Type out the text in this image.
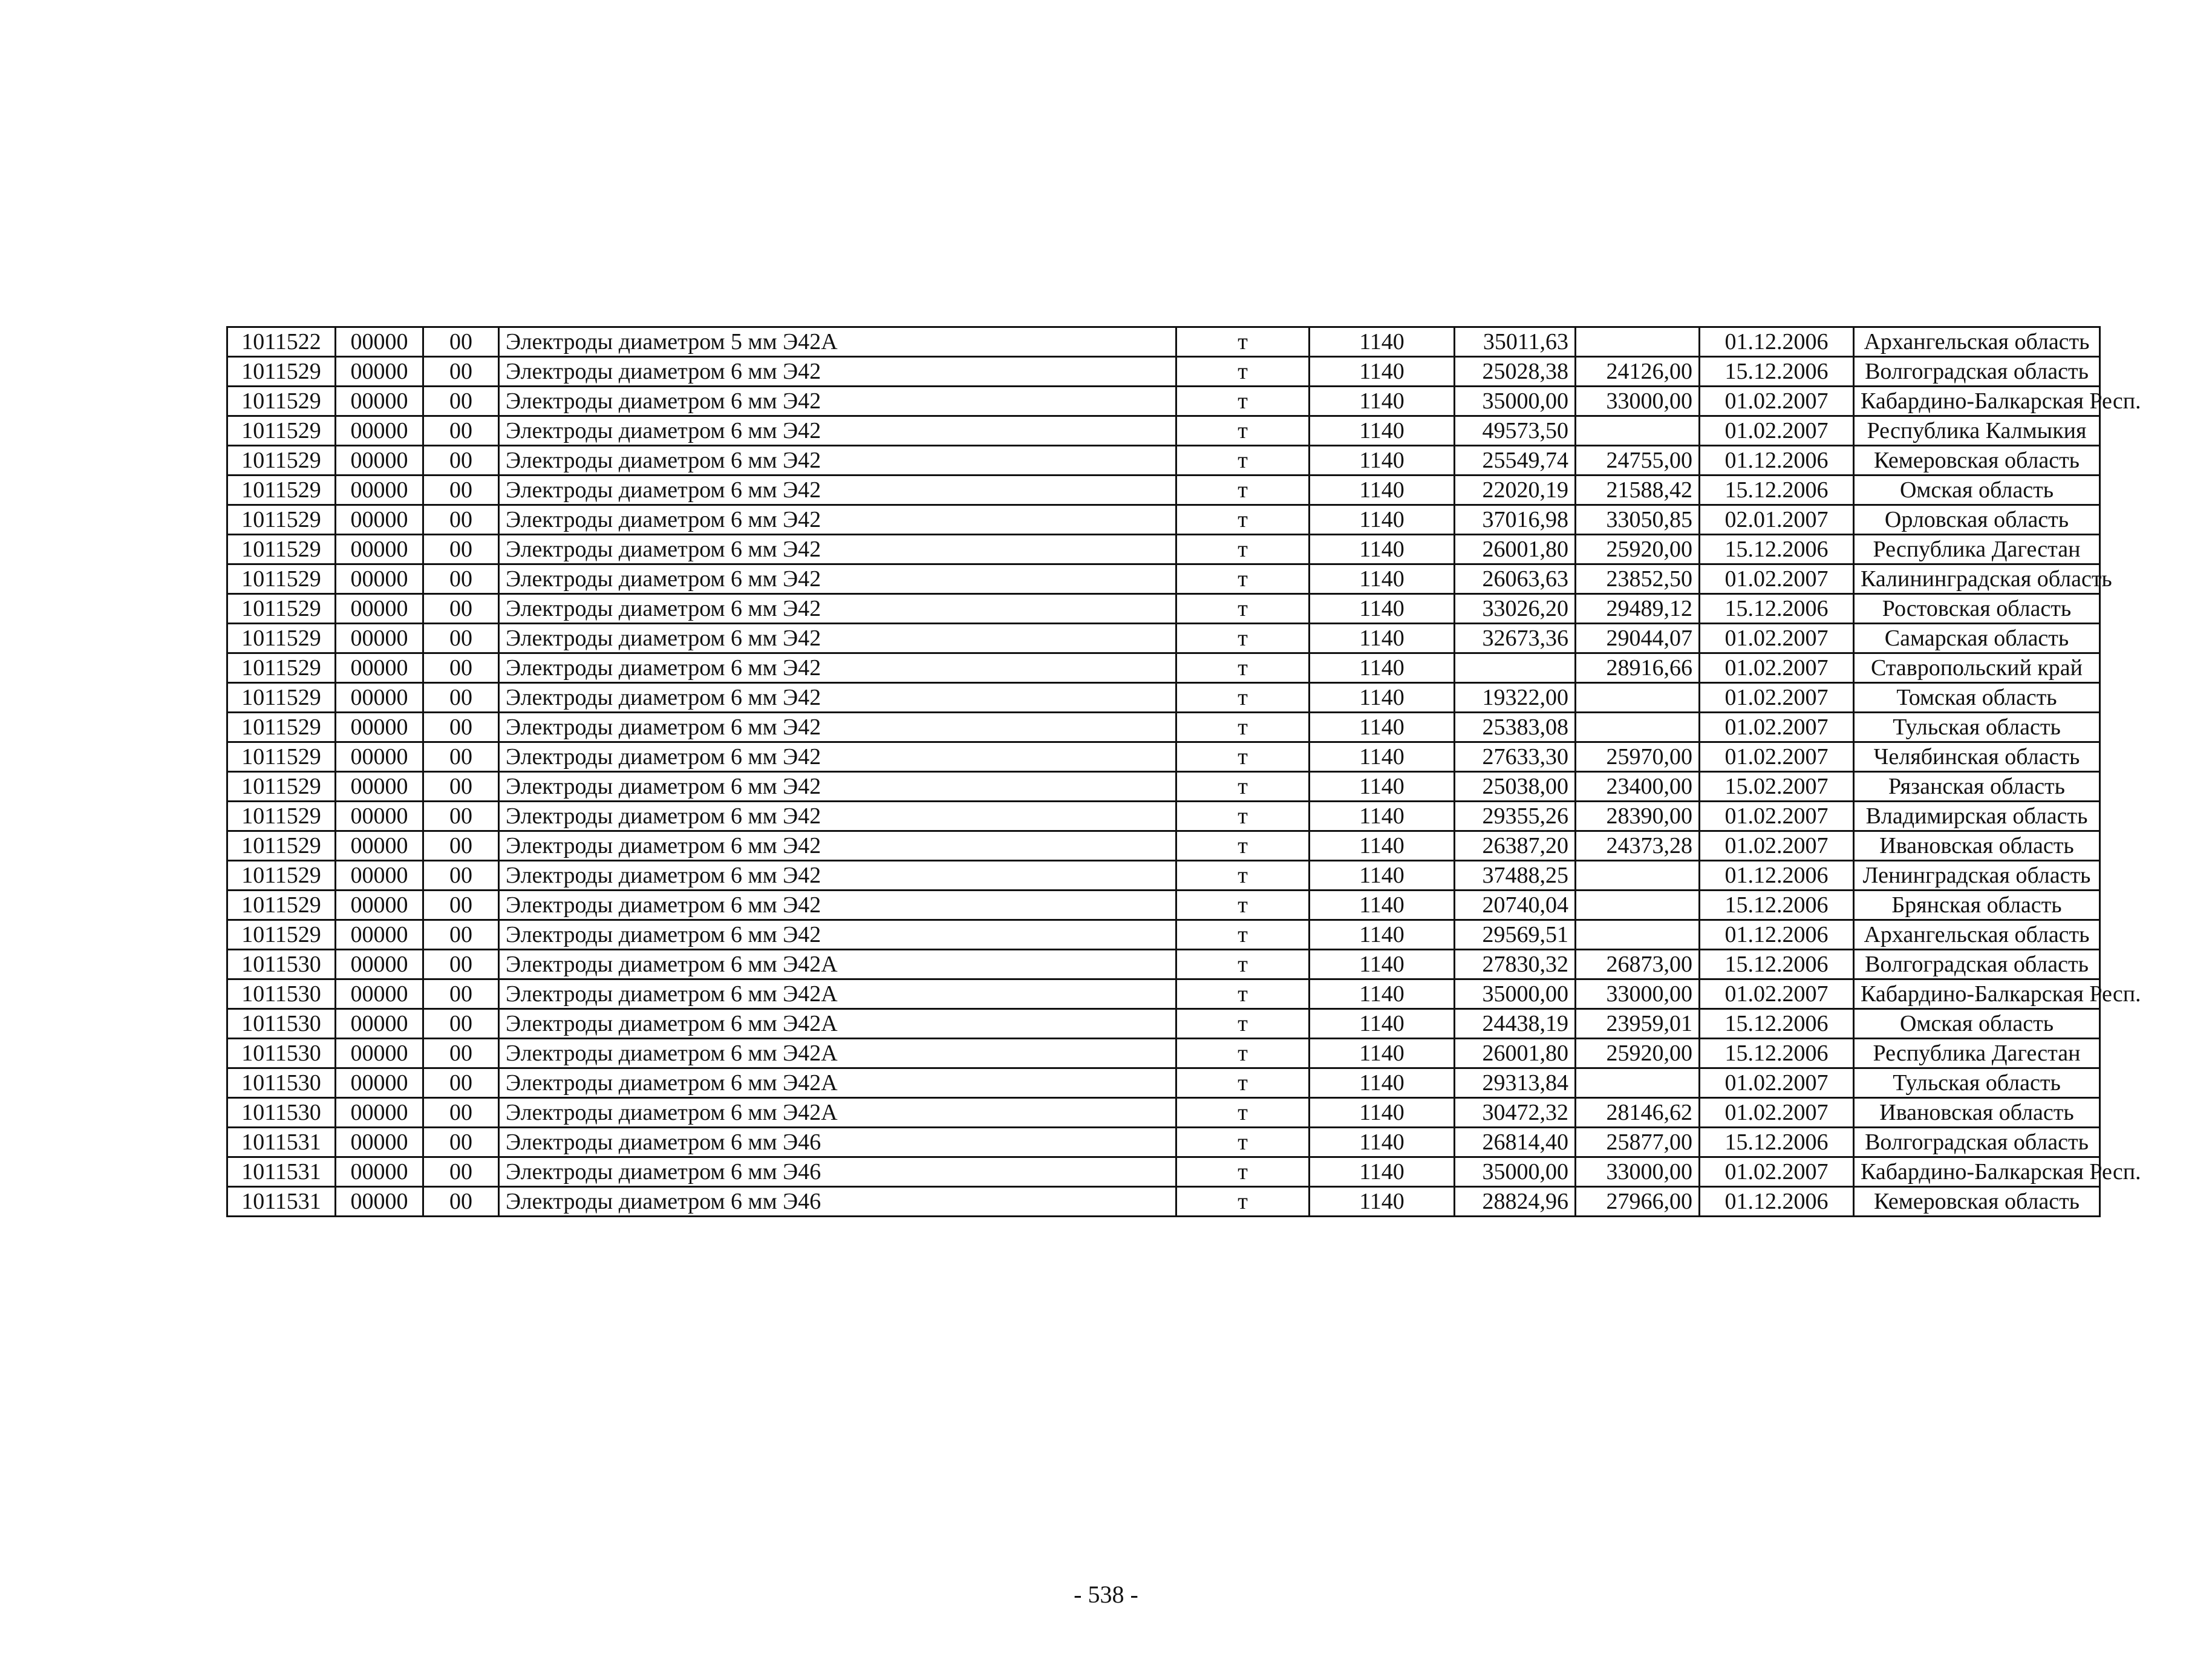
1011522	00000	00	Электроды диаметром 5 мм Э42А	т	1140	35011,63		01.12.2006	Архангельская область
1011529	00000	00	Электроды диаметром 6 мм Э42	т	1140	25028,38	24126,00	15.12.2006	Волгоградская область
1011529	00000	00	Электроды диаметром 6 мм Э42	т	1140	35000,00	33000,00	01.02.2007	Кабардино-Балкарская Респ.
1011529	00000	00	Электроды диаметром 6 мм Э42	т	1140	49573,50		01.02.2007	Республика Калмыкия
1011529	00000	00	Электроды диаметром 6 мм Э42	т	1140	25549,74	24755,00	01.12.2006	Кемеровская область
1011529	00000	00	Электроды диаметром 6 мм Э42	т	1140	22020,19	21588,42	15.12.2006	Омская область
1011529	00000	00	Электроды диаметром 6 мм Э42	т	1140	37016,98	33050,85	02.01.2007	Орловская область
1011529	00000	00	Электроды диаметром 6 мм Э42	т	1140	26001,80	25920,00	15.12.2006	Республика Дагестан
1011529	00000	00	Электроды диаметром 6 мм Э42	т	1140	26063,63	23852,50	01.02.2007	Калининградская область
1011529	00000	00	Электроды диаметром 6 мм Э42	т	1140	33026,20	29489,12	15.12.2006	Ростовская область
1011529	00000	00	Электроды диаметром 6 мм Э42	т	1140	32673,36	29044,07	01.02.2007	Самарская область
1011529	00000	00	Электроды диаметром 6 мм Э42	т	1140		28916,66	01.02.2007	Ставропольский край
1011529	00000	00	Электроды диаметром 6 мм Э42	т	1140	19322,00		01.02.2007	Томская область
1011529	00000	00	Электроды диаметром 6 мм Э42	т	1140	25383,08		01.02.2007	Тульская область
1011529	00000	00	Электроды диаметром 6 мм Э42	т	1140	27633,30	25970,00	01.02.2007	Челябинская область
1011529	00000	00	Электроды диаметром 6 мм Э42	т	1140	25038,00	23400,00	15.02.2007	Рязанская область
1011529	00000	00	Электроды диаметром 6 мм Э42	т	1140	29355,26	28390,00	01.02.2007	Владимирская область
1011529	00000	00	Электроды диаметром 6 мм Э42	т	1140	26387,20	24373,28	01.02.2007	Ивановская область
1011529	00000	00	Электроды диаметром 6 мм Э42	т	1140	37488,25		01.12.2006	Ленинградская область
1011529	00000	00	Электроды диаметром 6 мм Э42	т	1140	20740,04		15.12.2006	Брянская область
1011529	00000	00	Электроды диаметром 6 мм Э42	т	1140	29569,51		01.12.2006	Архангельская область
1011530	00000	00	Электроды диаметром 6 мм Э42А	т	1140	27830,32	26873,00	15.12.2006	Волгоградская область
1011530	00000	00	Электроды диаметром 6 мм Э42А	т	1140	35000,00	33000,00	01.02.2007	Кабардино-Балкарская Респ.
1011530	00000	00	Электроды диаметром 6 мм Э42А	т	1140	24438,19	23959,01	15.12.2006	Омская область
1011530	00000	00	Электроды диаметром 6 мм Э42А	т	1140	26001,80	25920,00	15.12.2006	Республика Дагестан
1011530	00000	00	Электроды диаметром 6 мм Э42А	т	1140	29313,84		01.02.2007	Тульская область
1011530	00000	00	Электроды диаметром 6 мм Э42А	т	1140	30472,32	28146,62	01.02.2007	Ивановская область
1011531	00000	00	Электроды диаметром 6 мм Э46	т	1140	26814,40	25877,00	15.12.2006	Волгоградская область
1011531	00000	00	Электроды диаметром 6 мм Э46	т	1140	35000,00	33000,00	01.02.2007	Кабардино-Балкарская Респ.
1011531	00000	00	Электроды диаметром 6 мм Э46	т	1140	28824,96	27966,00	01.12.2006	Кемеровская область
- 538 -
